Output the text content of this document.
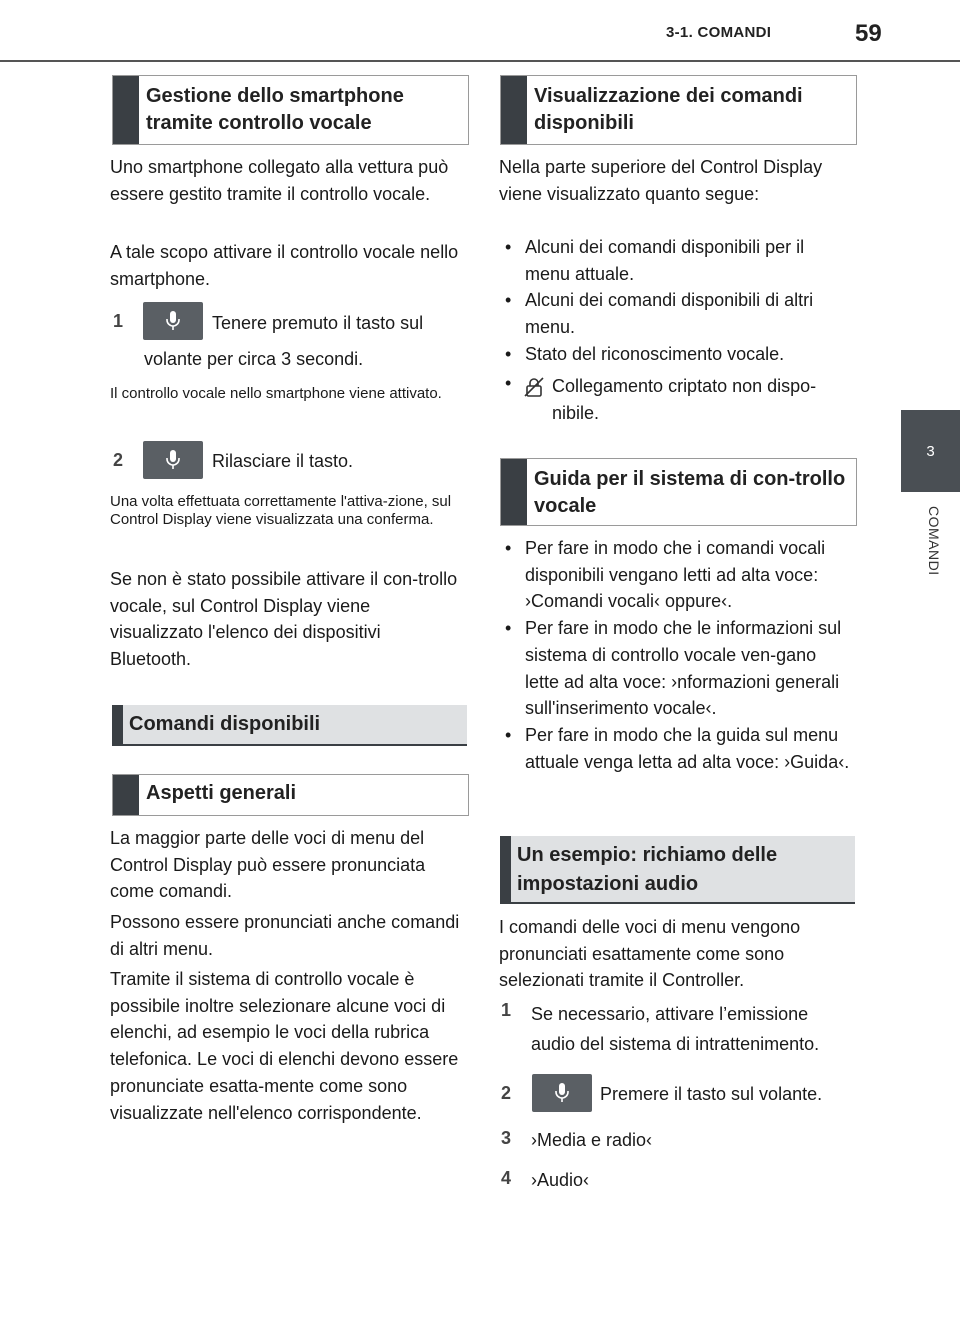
3-1. COMANDI	59
3
COMANDI
Gestione dello smartphone tramite controllo vocale

Uno smartphone collegato alla vettura può essere gestito tramite il controllo vocale.

A tale scopo attivare il controllo vocale nello smartphone.

1	Tenere premuto il tasto sul
volante per circa 3 secondi.

Il controllo vocale nello smartphone viene attivato.

2	Rilasciare il tasto.

Una volta effettuata correttamente l'attiva-zione, sul Control Display viene visualizzata una conferma.

Se non è stato possibile attivare il con-trollo vocale, sul Control Display viene visualizzato l'elenco dei dispositivi Bluetooth.

Comandi disponibili
Aspetti generali

La maggior parte delle voci di menu del Control Display può essere pronunciata come comandi.

Possono essere pronunciati anche comandi di altri menu.

Tramite il sistema di controllo vocale è possibile inoltre selezionare alcune voci di elenchi, ad esempio le voci della rubrica telefonica. Le voci di elenchi devono essere pronunciate esatta-mente come sono visualizzate nell'elenco corrispondente.

Visualizzazione dei comandi disponibili

Nella parte superiore del Control Display viene visualizzato quanto segue:

• Alcuni dei comandi disponibili per il menu attuale.
• Alcuni dei comandi disponibili di altri menu.
• Stato del riconoscimento vocale.
• Collegamento criptato non dispo-nibile.
Guida per il sistema di con-trollo vocale
• Per fare in modo che i comandi vocali disponibili vengano letti ad alta voce: ›Comandi vocali‹ oppure‹.
• Per fare in modo che le informazioni sul sistema di controllo vocale ven-gano lette ad alta voce: ›nformazioni generali sull'inserimento vocale‹.
• Per fare in modo che la guida sul menu attuale venga letta ad alta voce: ›Guida‹.
Un esempio: richiamo delle impostazioni audio

I comandi delle voci di menu vengono pronunciati esattamente come sono selezionati tramite il Controller.

1 Se necessario, attivare l’emissione audio del sistema di intrattenimento.

2	Premere il tasto sul volante.
3 ›Media e radio‹
4 ›Audio‹
